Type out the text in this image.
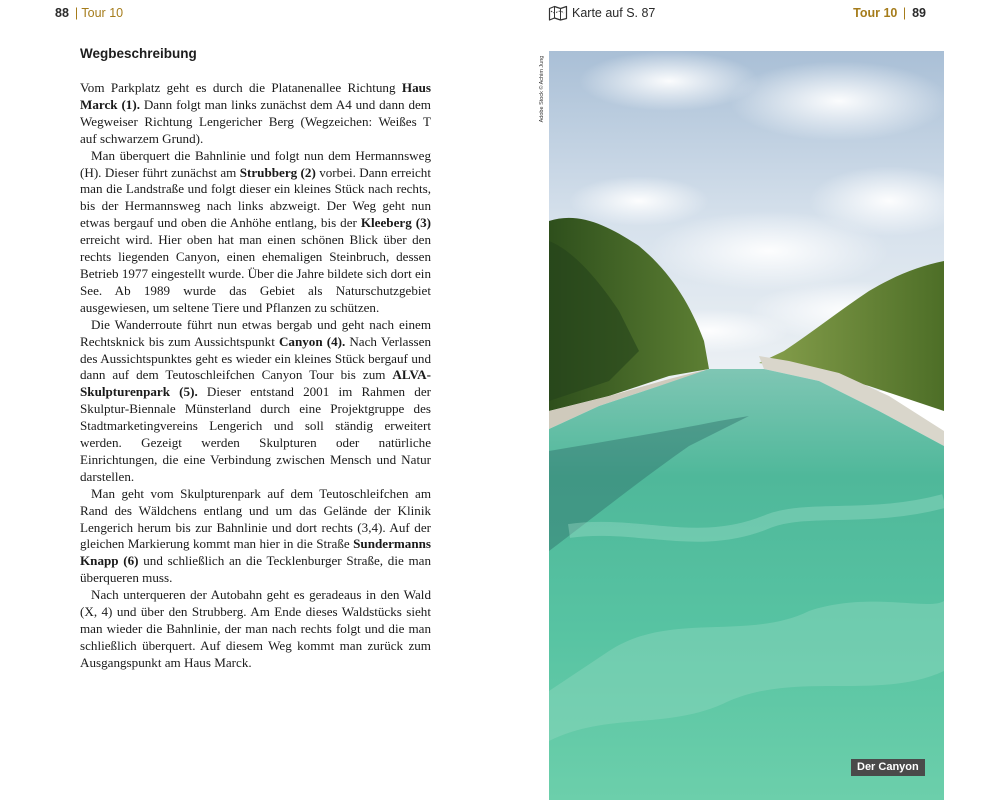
88 | Tour 10	Karte auf S. 87	Tour 10 | 89
Wegbeschreibung

Vom Parkplatz geht es durch die Platanenallee Richtung Haus Marck (1). Dann folgt man links zunächst dem A4 und dann dem Wegweiser Richtung Lengericher Berg (Wegzeichen: Weißes T auf schwarzem Grund).

Man überquert die Bahnlinie und folgt nun dem Hermannsweg (H). Dieser führt zunächst am Strubberg (2) vorbei. Dann erreicht man die Landstraße und folgt dieser ein kleines Stück nach rechts, bis der Hermannsweg nach links abzweigt. Der Weg geht nun etwas bergauf und oben die Anhöhe entlang, bis der Kleeberg (3) erreicht wird. Hier oben hat man einen schönen Blick über den rechts liegenden Canyon, einen ehemaligen Steinbruch, dessen Betrieb 1977 eingestellt wurde. Über die Jahre bildete sich dort ein See. Ab 1989 wurde das Gebiet als Naturschutzgebiet ausgewiesen, um seltene Tiere und Pflanzen zu schützen.

Die Wanderroute führt nun etwas bergab und geht nach einem Rechtsknick bis zum Aussichtspunkt Canyon (4). Nach Verlassen des Aussichtspunktes geht es wieder ein kleines Stück bergauf und dann auf dem Teutoschleifchen Canyon Tour bis zum ALVA-Skulpturenpark (5). Dieser entstand 2001 im Rahmen der Skulptur-Biennale Münsterland durch eine Projektgruppe des Stadtmarketingvereins Lengerich und soll ständig erweitert werden. Gezeigt werden Skulpturen oder natürliche Einrichtungen, die eine Verbindung zwischen Mensch und Natur darstellen.

Man geht vom Skulpturenpark auf dem Teutoschleifchen am Rand des Wäldchens entlang und um das Gelände der Klinik Lengerich herum bis zur Bahnlinie und dort rechts (3,4). Auf der gleichen Markierung kommt man hier in die Straße Sundermanns Knapp (6) und schließlich an die Tecklenburger Straße, die man überqueren muss.

Nach unterqueren der Autobahn geht es geradeaus in den Wald (X, 4) und über den Strubberg. Am Ende dieses Waldstücks sieht man wieder die Bahnlinie, der man nach rechts folgt und die man schließlich überquert. Auf diesem Weg kommt man zurück zum Ausgangspunkt am Haus Marck.

Adobe Stock © Achim Jung
Der Canyon
